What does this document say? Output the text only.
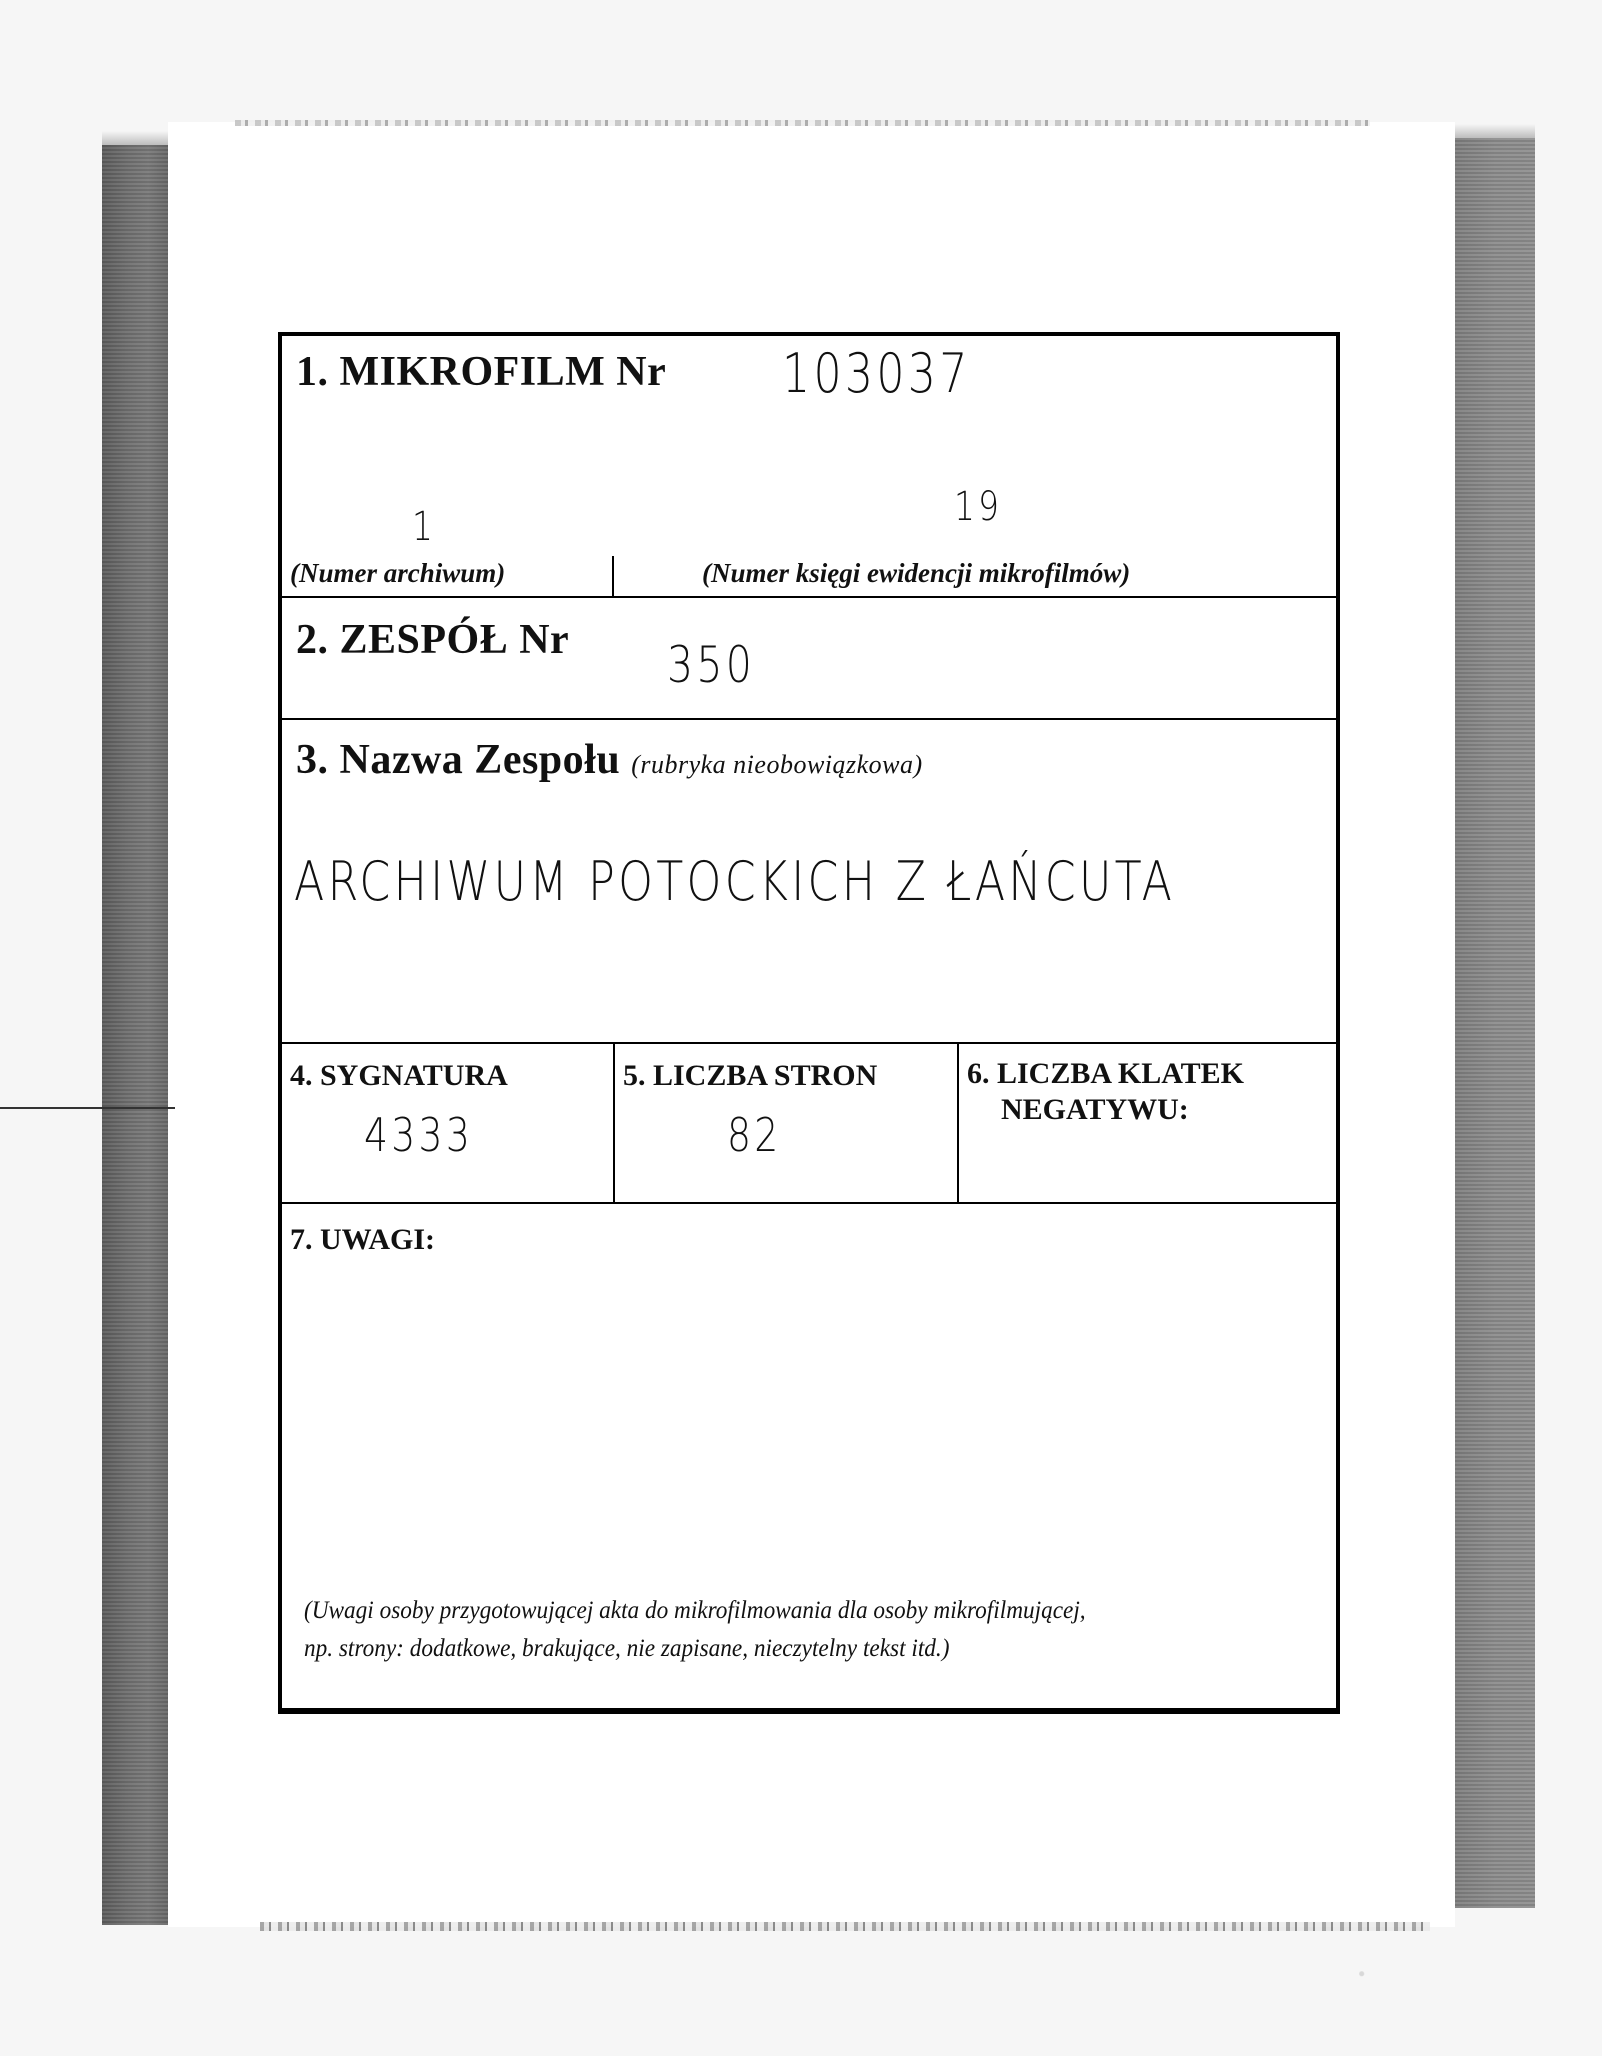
1. MIKROFILM Nr 103037
1	19
(Numer archiwum)	(Numer księgi ewidencji mikrofilmów)
2. ZESPÓŁ Nr 350
3. Nazwa Zespołu (rubryka nieobowiązkowa)
ARCHIWUM POTOCKICH Z ŁAŃCUTA
4. SYGNATURA
4333
5. LICZBA STRON
82
6. LICZBA KLATEK
NEGATYWU:
7. UWAGI:
(Uwagi osoby przygotowującej akta do mikrofilmowania dla osoby mikrofilmującej,
np. strony: dodatkowe, brakujące, nie zapisane, nieczytelny tekst itd.)
